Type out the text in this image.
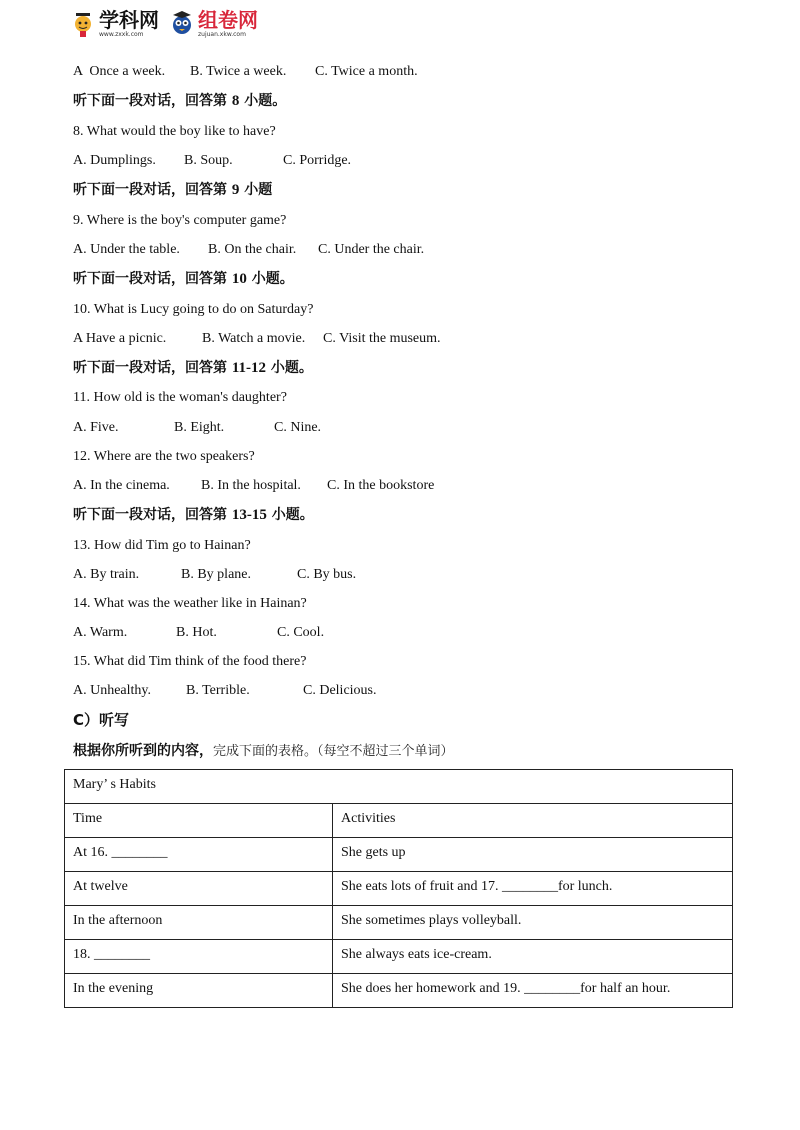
学科网
www.zxxk.com
组卷网
zujuan.xkw.com
A  Once a week. B. Twice a week. C. Twice a month.
听下面一段对话，回答第 8 小题。
8. What would the boy like to have?
A. Dumplings. B. Soup.	C. Porridge.
听下面一段对话，回答第 9 小题
9. Where is the boy's computer game?
A. Under the table. B. On the chair. C. Under the chair.
听下面一段对话，回答第 10 小题。
10. What is Lucy going to do on Saturday?
A Have a picnic.	B. Watch a movie. C. Visit the museum.
听下面一段对话，回答第 11-12 小题。
11. How old is the woman's daughter?
A. Five.	B. Eight.	C. Nine.
12. Where are the two speakers?
A. In the cinema. B. In the hospital. C. In the bookstore
听下面一段对话，回答第 13-15 小题。
13. How did Tim go to Hainan?
A. By train.	B. By plane.	C. By bus.
14. What was the weather like in Hainan?
A. Warm.	B. Hot.	C. Cool.
15. What did Tim think of the food there?
A. Unhealthy. B. Terrible.	C. Delicious.
C）听写
根据你所听到的内容，完成下面的表格。（每空不超过三个单词）
Mary’ s Habits	
Time	Activities
At 16. ________	She gets up
At twelve	She eats lots of fruit and 17. ________for lunch.
In the afternoon	She sometimes plays volleyball.
18. ________	She always eats ice-cream.
In the evening	She does her homework and 19. ________for half an hour.
